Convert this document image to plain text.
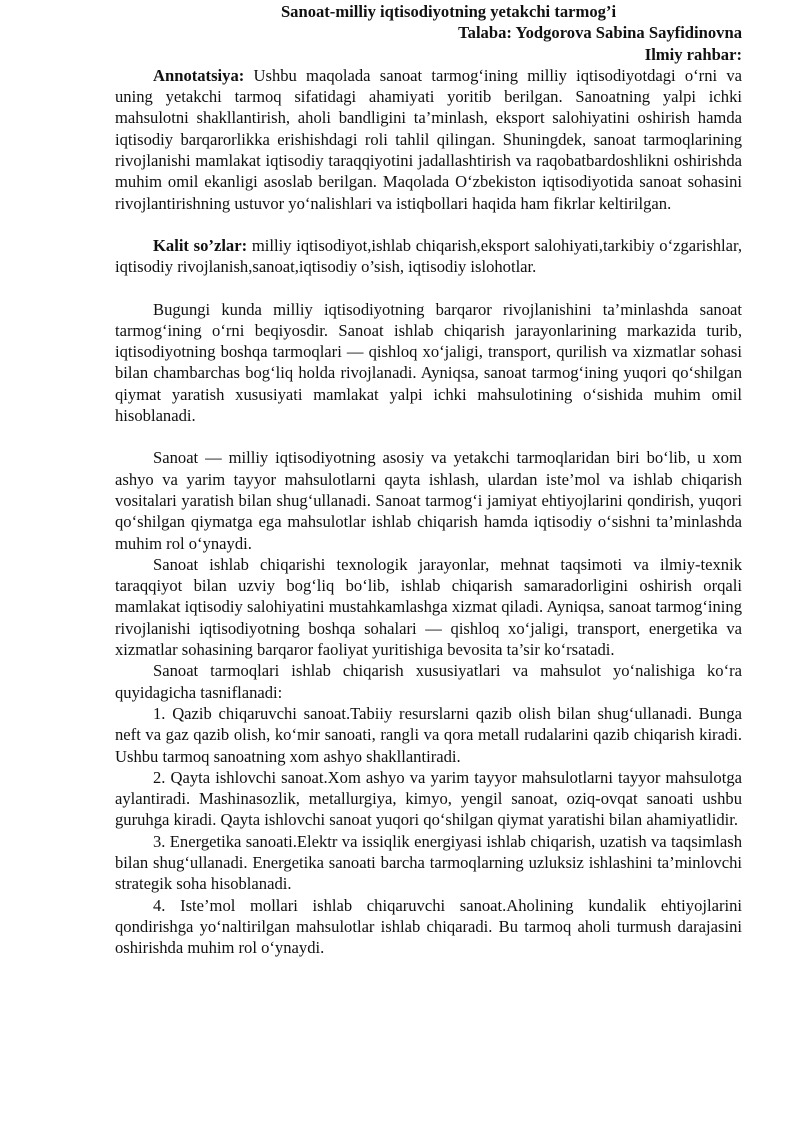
Sanoat-milliy iqtisodiyotning yetakchi tarmog’i
Talaba: Yodgorova Sabina Sayfidinovna
Ilmiy rahbar:

Annotatsiya: Ushbu maqolada sanoat tarmog‘ining milliy iqtisodiyotdagi o‘rni va uning yetakchi tarmoq sifatidagi ahamiyati yoritib berilgan. Sanoatning yalpi ichki mahsulotni shakllantirish, aholi bandligini ta’minlash, eksport salohiyatini oshirish hamda iqtisodiy barqarorlikka erishishdagi roli tahlil qilingan. Shuningdek, sanoat tarmoqlarining rivojlanishi mamlakat iqtisodiy taraqqiyotini jadallashtirish va raqobatbardoshlikni oshirishda muhim omil ekanligi asoslab berilgan. Maqolada O‘zbekiston iqtisodiyotida sanoat sohasini rivojlantirishning ustuvor yo‘nalishlari va istiqbollari haqida ham fikrlar keltirilgan.

Kalit so’zlar: milliy iqtisodiyot,ishlab chiqarish,eksport salohiyati,tarkibiy o‘zgarishlar, iqtisodiy rivojlanish,sanoat,iqtisodiy o’sish, iqtisodiy islohotlar.

Bugungi kunda milliy iqtisodiyotning barqaror rivojlanishini ta’minlashda sanoat tarmog‘ining o‘rni beqiyosdir. Sanoat ishlab chiqarish jarayonlarining markazida turib, iqtisodiyotning boshqa tarmoqlari — qishloq xo‘jaligi, transport, qurilish va xizmatlar sohasi bilan chambarchas bog‘liq holda rivojlanadi. Ayniqsa, sanoat tarmog‘ining yuqori qo‘shilgan qiymat yaratish xususiyati mamlakat yalpi ichki mahsulotining o‘sishida muhim omil hisoblanadi.

Sanoat — milliy iqtisodiyotning asosiy va yetakchi tarmoqlaridan biri bo‘lib, u xom ashyo va yarim tayyor mahsulotlarni qayta ishlash, ulardan iste’mol va ishlab chiqarish vositalari yaratish bilan shug‘ullanadi. Sanoat tarmog‘i jamiyat ehtiyojlarini qondirish, yuqori qo‘shilgan qiymatga ega mahsulotlar ishlab chiqarish hamda iqtisodiy o‘sishni ta’minlashda muhim rol o‘ynaydi.

Sanoat ishlab chiqarishi texnologik jarayonlar, mehnat taqsimoti va ilmiy-texnik taraqqiyot bilan uzviy bog‘liq bo‘lib, ishlab chiqarish samaradorligini oshirish orqali mamlakat iqtisodiy salohiyatini mustahkamlashga xizmat qiladi. Ayniqsa, sanoat tarmog‘ining rivojlanishi iqtisodiyotning boshqa sohalari — qishloq xo‘jaligi, transport, energetika va xizmatlar sohasining barqaror faoliyat yuritishiga bevosita ta’sir ko‘rsatadi.

Sanoat tarmoqlari ishlab chiqarish xususiyatlari va mahsulot yo‘nalishiga ko‘ra quyidagicha tasniflanadi:

1. Qazib chiqaruvchi sanoat.Tabiiy resurslarni qazib olish bilan shug‘ullanadi. Bunga neft va gaz qazib olish, ko‘mir sanoati, rangli va qora metall rudalarini qazib chiqarish kiradi. Ushbu tarmoq sanoatning xom ashyo shakllantiradi.

2. Qayta ishlovchi sanoat.Xom ashyo va yarim tayyor mahsulotlarni tayyor mahsulotga aylantiradi. Mashinasozlik, metallurgiya, kimyo, yengil sanoat, oziq-ovqat sanoati ushbu guruhga kiradi. Qayta ishlovchi sanoat yuqori qo‘shilgan qiymat yaratishi bilan ahamiyatlidir.

3. Energetika sanoati.Elektr va issiqlik energiyasi ishlab chiqarish, uzatish va taqsimlash bilan shug‘ullanadi. Energetika sanoati barcha tarmoqlarning uzluksiz ishlashini ta’minlovchi strategik soha hisoblanadi.

4. Iste’mol mollari ishlab chiqaruvchi sanoat.Aholining kundalik ehtiyojlarini qondirishga yo‘naltirilgan mahsulotlar ishlab chiqaradi. Bu tarmoq aholi turmush darajasini oshirishda muhim rol o‘ynaydi.
